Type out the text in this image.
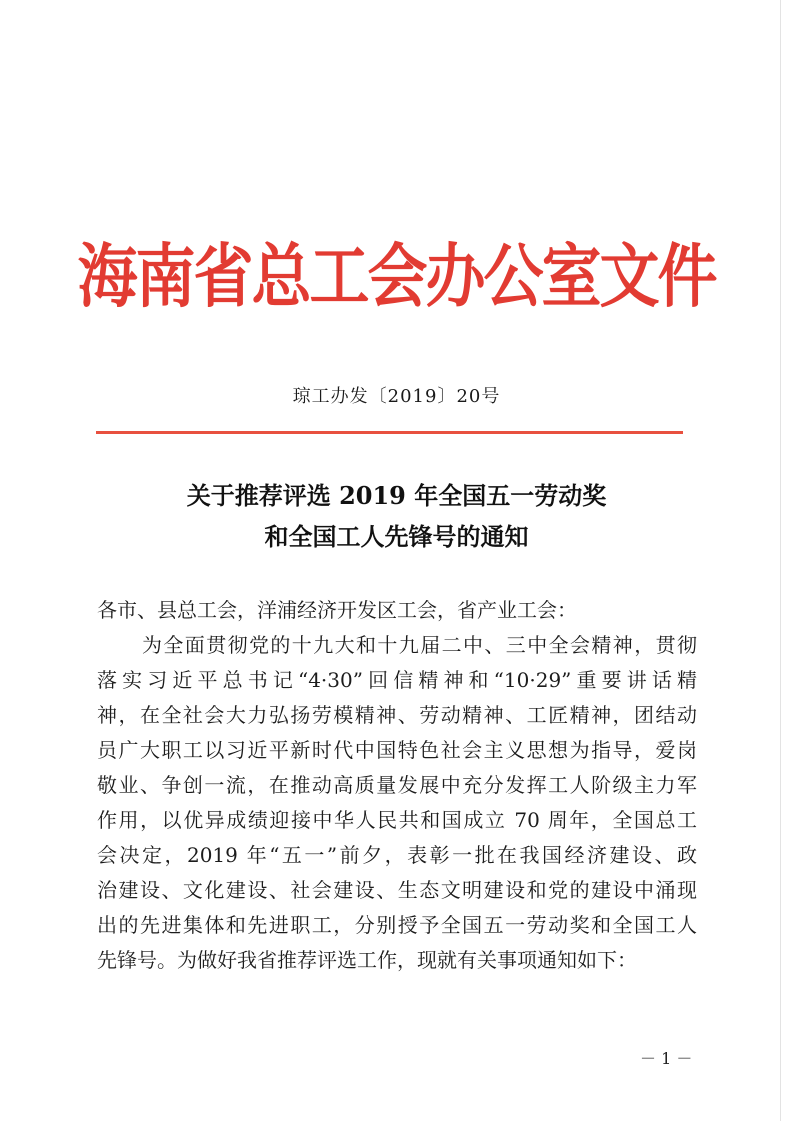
海南省总工会办公室文件
琼工办发〔2019〕20号
关于推荐评选 2019 年全国五一劳动奖
和全国工人先锋号的通知
各市、县总工会，洋浦经济开发区工会，省产业工会：
为全面贯彻党的十九大和十九届二中、三中全会精神，贯彻
落实习近平总书记“4·30”回信精神和“10·29”重要讲话精
神，在全社会大力弘扬劳模精神、劳动精神、工匠精神，团结动
员广大职工以习近平新时代中国特色社会主义思想为指导，爱岗
敬业、争创一流，在推动高质量发展中充分发挥工人阶级主力军
作用，以优异成绩迎接中华人民共和国成立 70 周年，全国总工
会决定，2019 年“五一”前夕，表彰一批在我国经济建设、政
治建设、文化建设、社会建设、生态文明建设和党的建设中涌现
出的先进集体和先进职工，分别授予全国五一劳动奖和全国工人
先锋号。为做好我省推荐评选工作，现就有关事项通知如下：
－ 1 －
